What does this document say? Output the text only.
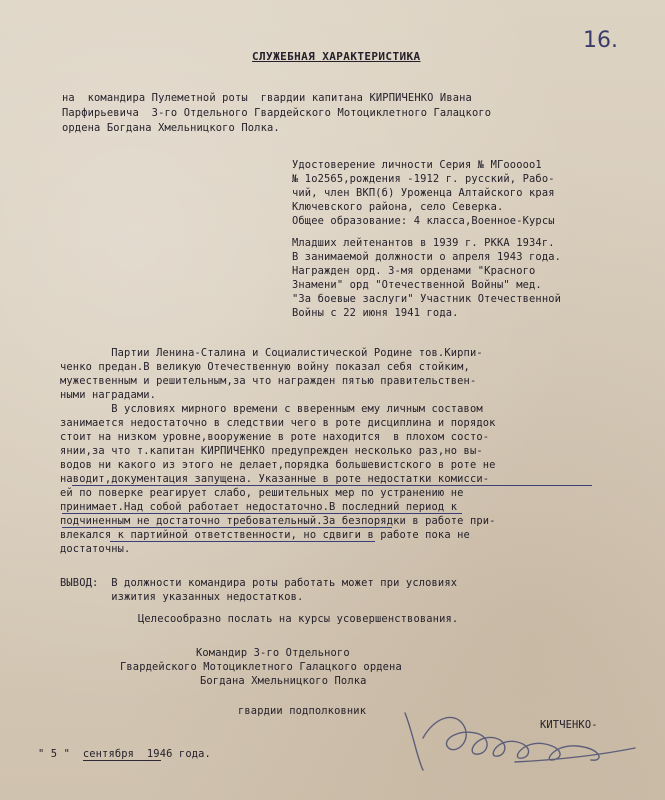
16.
СЛУЖЕБНАЯ ХАРАКТЕРИСТИКА
на  командира Пулеметной роты  гвардии капитана КИРПИЧЕНКО Ивана
Парфирьевича  3-го Отдельного Гвардейского Мотоциклетного Галацкого
ордена Богдана Хмельницкого Полка.
Удостоверение личности Серия № МГооооо1
№ 1о2565,рождения -1912 г. русский, Рабо-
чий, член ВКП(б) Уроженца Алтайского края
Ключевского района, село Северка.
Общее образование: 4 класса,Военное-Курсы
Младших лейтенантов в 1939 г. РККА 1934г.
В занимаемой должности о апреля 1943 года.
Награжден орд. 3-мя орденами "Красного
Знамени" орд "Отечественной Войны" мед.
"За боевые заслуги" Участник Отечественной
Войны с 22 июня 1941 года.
Партии Ленина-Сталина и Социалистической Родине тов.Кирпи-
ченко предан.В великую Отечественную войну показал себя стойким,
мужественным и решительным,за что награжден пятью правительствен-
ными наградами.
В условиях мирного времени с вверенным ему личным составом
занимается недостаточно в следствии чего в роте дисциплина и порядок
стоит на низком уровне,вооружение в роте находится  в плохом состо-
янии,за что т.капитан КИРПИЧЕНКО предупрежден несколько раз,но вы-
водов ни какого из этого не делает,порядка большевистского в роте не
наводит,документация запущена. Указанные в роте недостатки комисси-
ей по поверке реагирует слабо, решительных мер по устранению не
принимает.Над собой работает недостаточно.В последний период к
подчиненным не достаточно требовательный.За безпорядки в работе при-
влекался к партийной ответственности, но сдвиги в работе пока не
достаточны.
ВЫВОД:  В должности командира роты работать может при условиях
изжития указанных недостатков.
Целесообразно послать на курсы усовершенствования.
Командир 3-го Отдельного
Гвардейского Мотоциклетного Галацкого ордена
Богдана Хмельницкого Полка
гвардии подполковник
КИТЧЕНКО-
" 5 "  сентября  1946 года.
